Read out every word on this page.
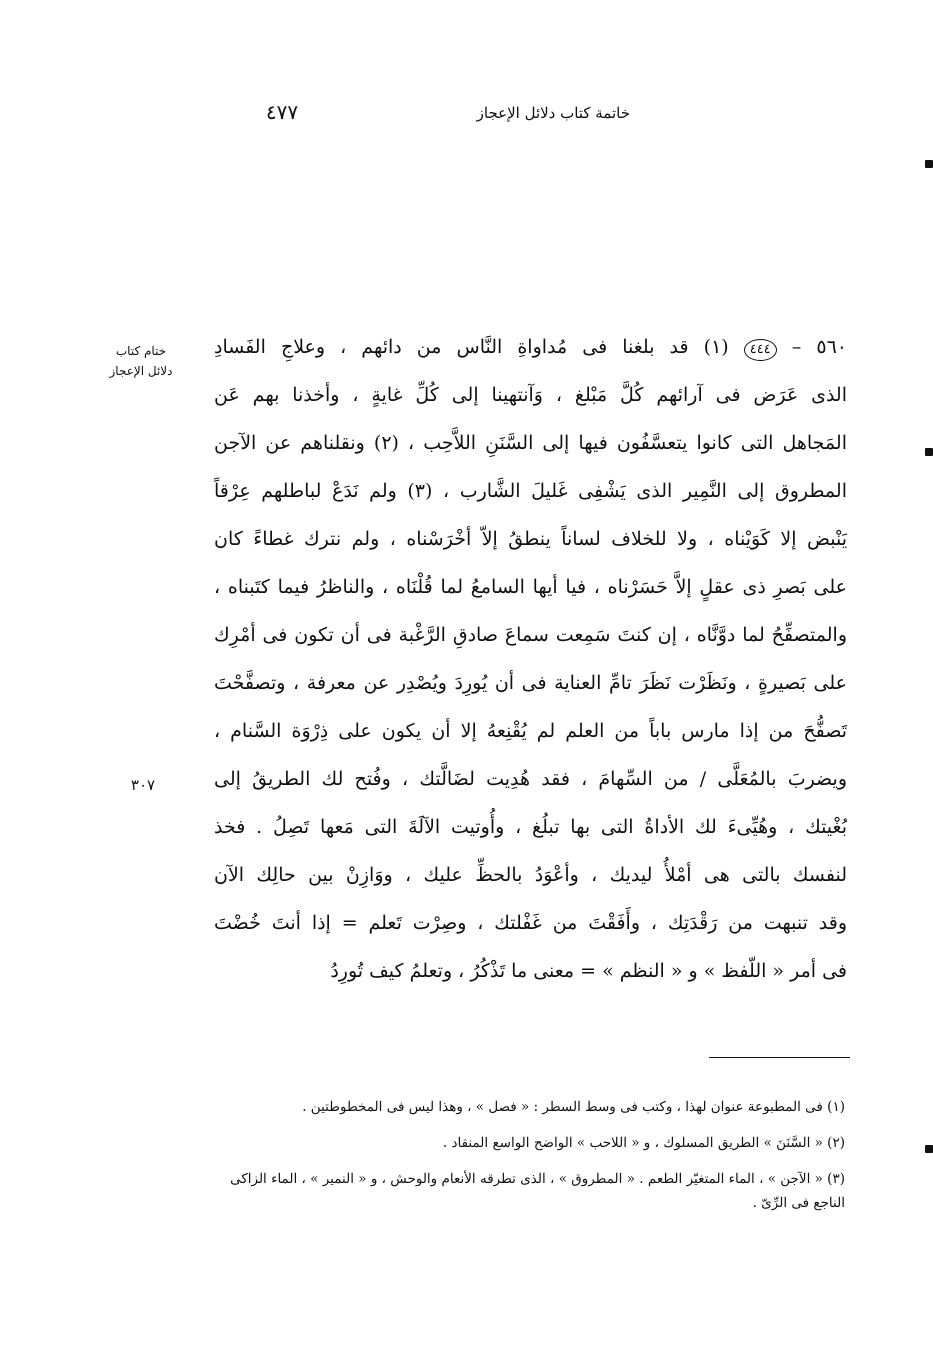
خاتمة كتاب دلائل الإعجاز
٤٧٧
ختام كتاب
دلائل الإعجاز
٣٠٧
٥٦٠ – ٤٤٤ (١) قد بلغنا فى مُداواةِ النَّاس من دائهم ، وعلاجِ الفَسادِ
الذى عَرَض فى آرائهم كُلَّ مَبْلغ ، وَآنتهينا إلى كُلِّ غايةٍ ، وأخذنا بهم عَن
المَجاهل التى كانوا يتعسَّفُون فيها إلى السَّنَنِ اللاَّحِب ، (٢) ونقلناهم عن الآجن
المطروق إلى النَّمِير الذى يَشْفِى غَليلَ الشَّارب ، (٣) ولم نَدَعْ لباطلهم عِرْقاً
يَنْبض إلا كَوَيْناه ، ولا للخلاف لساناً ينطقُ إلاّ أخْرَسْناه ، ولم نترك غطاءً كان
على بَصرِ ذى عقلٍ إلاَّ حَسَرْناه ، فيا أيها السامعُ لما قُلْنَاه ، والناظرُ فيما كتَبناه ،
والمتصفِّحُ لما دوَّنَّاه ، إن كنتَ سَمِعت سماعَ صادقِ الرَّغْبة فى أن تكون فى أمْرِك
على بَصيرةٍ ، ونَظَرْت نَظَرَ تامِّ العناية فى أن يُورِدَ ويُصْدِر عن معرفة ، وتصفَّحْتَ
تَصفُّحَ من إذا مارس باباً من العلم لم يُقْنِعهُ إلا أن يكون على ذِرْوَة السَّنام ،
ويضربَ بالمُعَلَّى / من السِّهامَ ، فقد هُدِيت لضَالَّتك ، وفُتح لك الطريقُ إلى
بُغْيتك ، وهُيِّىءَ لك الأداةُ التى بها تبلُغ ، وأُوتيت الآلَةَ التى مَعها تَصِلُ . فخذ
لنفسك بالتى هى أمْلأُ ليديك ، وأعْوَدُ بالحظِّ عليك ، ووَازِنْ بين حالِك الآن
وقد تنبهت من رَقْدَتِك ، وأَفَقْتَ من غَفْلتك ، وصِرْت تَعلم = إذا أنتَ خُضْتَ
فى أمر « اللّفظ » و « النظم » = معنى ما تَذْكُرُ ، وتعلمُ كيف تُورِدُ
(١) فى المطبوعة عنوان لهذا ، وكتب فى وسط السطر : « فصل » ، وهذا ليس فى المخطوطتين .
(٢) « السَّنَنَ » الطريق المسلوك ، و « اللاحب » الواضح الواسع المنقاد .
(٣) « الآجن » ، الماء المتغيّر الطعم . « المطروق » ، الذى تطرقه الأنعام والوحش ، و « النمير » ، الماء الزاكى الناجع فى الرِّىّ .
